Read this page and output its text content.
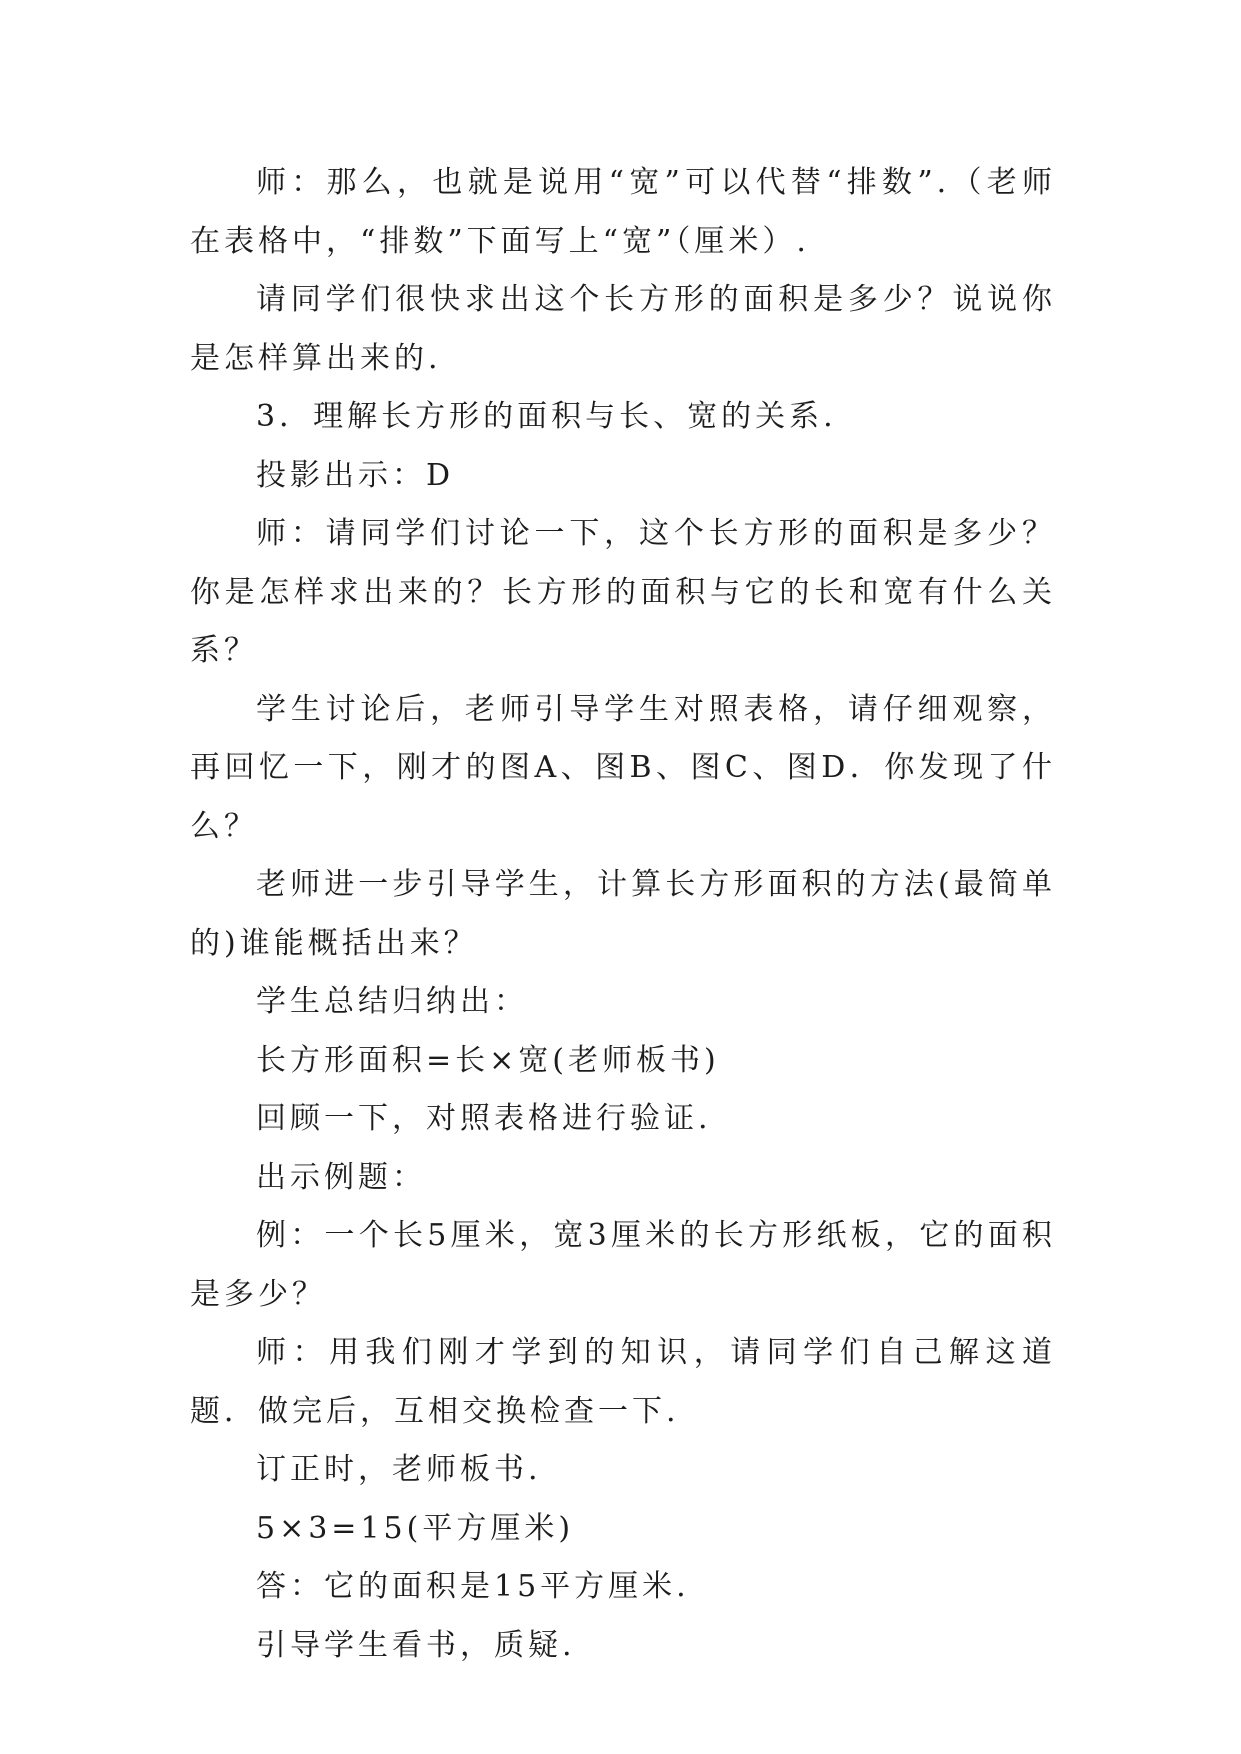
师：那么，也就是说用“宽”可以代替“排数”.（老师在表格中，“排数”下面写上“宽”（厘米）.

请同学们很快求出这个长方形的面积是多少？说说你是怎样算出来的.

3．理解长方形的面积与长、宽的关系.

投影出示：D

师：请同学们讨论一下，这个长方形的面积是多少？你是怎样求出来的？长方形的面积与它的长和宽有什么关系？

学生讨论后，老师引导学生对照表格，请仔细观察，再回忆一下，刚才的图A、图B、图C、图D．你发现了什么？

老师进一步引导学生，计算长方形面积的方法(最简单的)谁能概括出来？

学生总结归纳出：

长方形面积=长×宽(老师板书)

回顾一下，对照表格进行验证.

出示例题：

例：一个长5厘米，宽3厘米的长方形纸板，它的面积是多少？

师：用我们刚才学到的知识，请同学们自己解这道题．做完后，互相交换检查一下.

订正时，老师板书.

5×3=15(平方厘米)

答：它的面积是15平方厘米.

引导学生看书，质疑.
